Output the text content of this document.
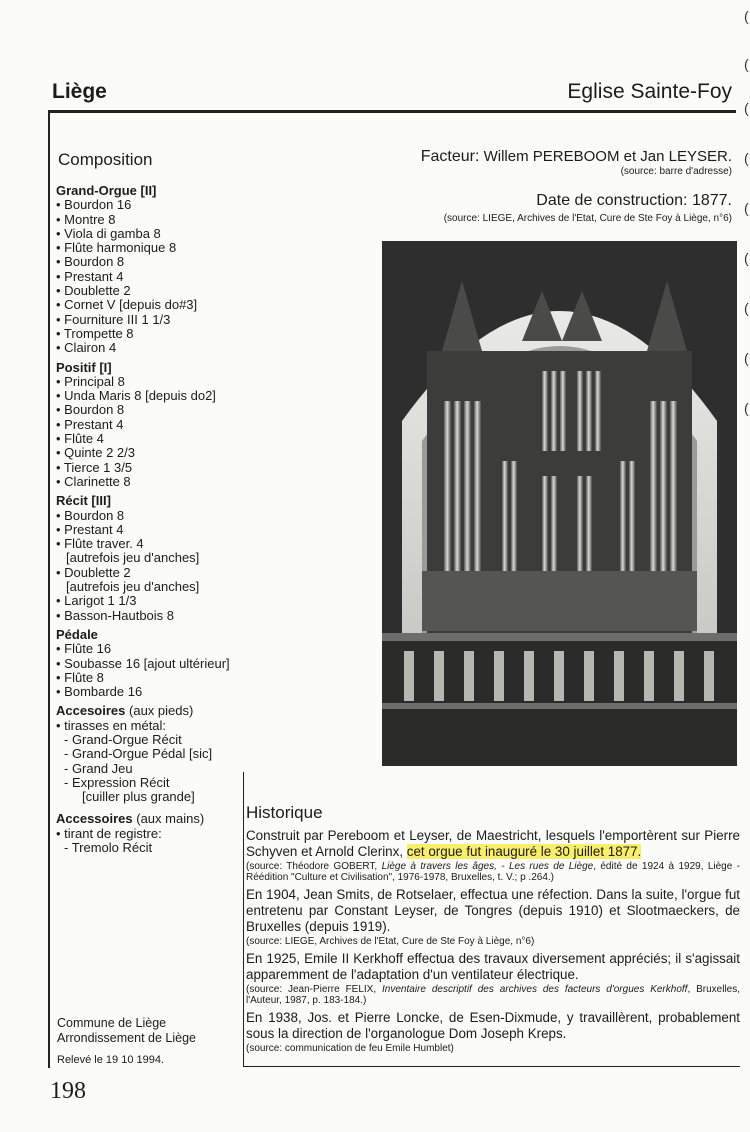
Liège	Eglise Sainte-Foy
(
(
(
(
(
(
(
(
(
Composition
Grand-Orgue [II]
• Bourdon 16
• Montre 8
• Viola di gamba 8
• Flûte harmonique 8
• Bourdon 8
• Prestant 4
• Doublette 2
• Cornet V [depuis do#3]
• Fourniture III 1 1/3
• Trompette 8
• Clairon 4
Positif [I]
• Principal 8
• Unda Maris 8 [depuis do2]
• Bourdon 8
• Prestant 4
• Flûte 4
• Quinte 2 2/3
• Tierce 1 3/5
• Clarinette 8
Récit [III]
• Bourdon 8
• Prestant 4
• Flûte traver. 4
[autrefois jeu d'anches]
• Doublette 2
[autrefois jeu d'anches]
• Larigot 1 1/3
• Basson-Hautbois 8
Pédale
• Flûte 16
• Soubasse 16 [ajout ultérieur]
• Flûte 8
• Bombarde 16
Accesoires (aux pieds)
• tirasses en métal:
- Grand-Orgue Récit
- Grand-Orgue Pédal [sic]
- Grand Jeu
- Expression Récit
[cuiller plus grande]
Accessoires (aux mains)
• tirant de registre:
- Tremolo Récit
Facteur: Willem PEREBOOM et Jan LEYSER.
(source: barre d'adresse)
Date de construction: 1877.
(source: LIEGE, Archives de l'Etat, Cure de Ste Foy à Liège, n°6)
Historique
Construit par Pereboom et Leyser, de Maestricht, lesquels l'emportèrent sur Pierre Schyven et Arnold Clerinx, cet orgue fut inauguré le 30 juillet 1877.
(source: Théodore GOBERT, Liège à travers les âges, - Les rues de Liège, édité de 1924 à 1929, Liège - Réédition "Culture et Civilisation", 1976-1978, Bruxelles, t. V.; p .264.)
En 1904, Jean Smits, de Rotselaer, effectua une réfection. Dans la suite, l'orgue fut entretenu par Constant Leyser, de Tongres (depuis 1910) et Slootmaeckers, de Bruxelles (depuis 1919).
(source: LIEGE, Archives de l'Etat, Cure de Ste Foy à Liège, n°6)
En 1925, Emile II Kerkhoff effectua des travaux diversement appréciés; il s'agissait apparemment de l'adaptation d'un ventilateur électrique.
(source: Jean-Pierre FELIX, Inventaire descriptif des archives des facteurs d'orgues Kerkhoff, Bruxelles, l'Auteur, 1987, p. 183-184.)
En 1938, Jos. et Pierre Loncke, de Esen-Dixmude, y travaillèrent, probablement sous la direction de l'organologue Dom Joseph Kreps.
(source: communication de feu Emile Humblet)
Commune de Liège
Arrondissement de Liège
Relevé le 19 10 1994.
198
